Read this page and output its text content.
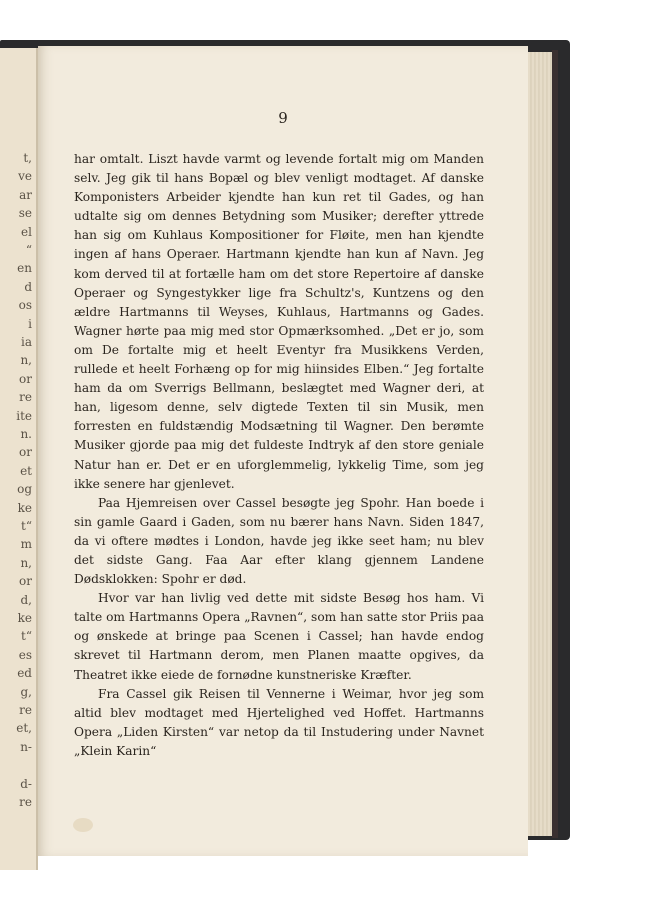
t,
ve
ar
se
el
“
en
d
os
i
ia
n,
or
re
ite
n.
or
et
og
ke
t“
m
n,
or
d,
ke
t“
es
ed
g,
re
et,
n-
d-
re
9

har omtalt. Liszt havde varmt og levende fortalt mig om Manden selv. Jeg gik til hans Bopæl og blev venligt modtaget. Af danske Komponisters Arbeider kjendte han kun ret til Gades, og han udtalte sig om dennes Betydning som Musiker; derefter yttrede han sig om Kuhlaus Kompositioner for Fløite, men han kjendte ingen af hans Operaer. Hartmann kjendte han kun af Navn. Jeg kom derved til at fortælle ham om det store Repertoire af danske Operaer og Syngestykker lige fra Schultz's, Kuntzens og den ældre Hartmanns til Weyses, Kuhlaus, Hartmanns og Gades. Wagner hørte paa mig med stor Opmærksomhed. „Det er jo, som om De fortalte mig et heelt Eventyr fra Musikkens Verden, rullede et heelt Forhæng op for mig hiinsides Elben.“ Jeg fortalte ham da om Sverrigs Bellmann, beslægtet med Wagner deri, at han, ligesom denne, selv digtede Texten til sin Musik, men forresten en fuldstændig Modsætning til Wagner. Den berømte Musiker gjorde paa mig det fuldeste Indtryk af den store geniale Natur han er. Det er en uforglemmelig, lykkelig Time, som jeg ikke senere har gjenlevet.

Paa Hjemreisen over Cassel besøgte jeg Spohr. Han boede i sin gamle Gaard i Gaden, som nu bærer hans Navn. Siden 1847, da vi oftere mødtes i London, havde jeg ikke seet ham; nu blev det sidste Gang. Faa Aar efter klang gjennem Landene Dødsklokken: Spohr er død.

Hvor var han livlig ved dette mit sidste Besøg hos ham. Vi talte om Hartmanns Opera „Ravnen“, som han satte stor Priis paa og ønskede at bringe paa Scenen i Cassel; han havde endog skrevet til Hartmann derom, men Planen maatte opgives, da Theatret ikke eiede de fornødne kunstneriske Kræfter.

Fra Cassel gik Reisen til Vennerne i Weimar, hvor jeg som altid blev modtaget med Hjertelighed ved Hoffet. Hartmanns Opera „Liden Kirsten“ var netop da til Instudering under Navnet „Klein Karin“
